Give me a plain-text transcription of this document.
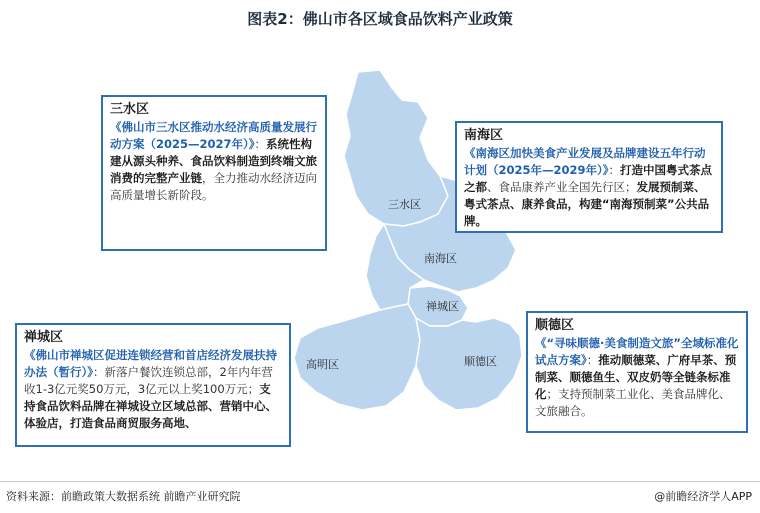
图表2：佛山市各区域食品饮料产业政策
三水区
南海区
禅城区
高明区	顺德区
三水区
《佛山市三水区推动水经济高质量发展行动方案（2025—2027年）》：系统性构建从源头种养、食品饮料制造到终端文旅消费的完整产业链，全力推动水经济迈向高质量增长新阶段。
南海区
《南海区加快美食产业发展及品牌建设五年行动计划（2025年—2029年）》：打造中国粤式茶点之都、食品康养产业全国先行区；发展预制菜、粤式茶点、康养食品，构建“南海预制菜”公共品牌。
禅城区
《佛山市禅城区促进连锁经营和首店经济发展扶持办法（暂行）》：新落户餐饮连锁总部，2年内年营收1-3亿元奖50万元，3亿元以上奖100万元；支持食品饮料品牌在禅城设立区域总部、营销中心、体验店，打造食品商贸服务高地、
顺德区
《“寻味顺德·美食制造文旅”全域标准化试点方案》：推动顺德菜、广府早茶、预制菜、顺德鱼生、双皮奶等全链条标准化；支持预制菜工业化、美食品牌化、文旅融合。
资料来源：前瞻政策大数据系统 前瞻产业研究院	@前瞻经济学人APP
